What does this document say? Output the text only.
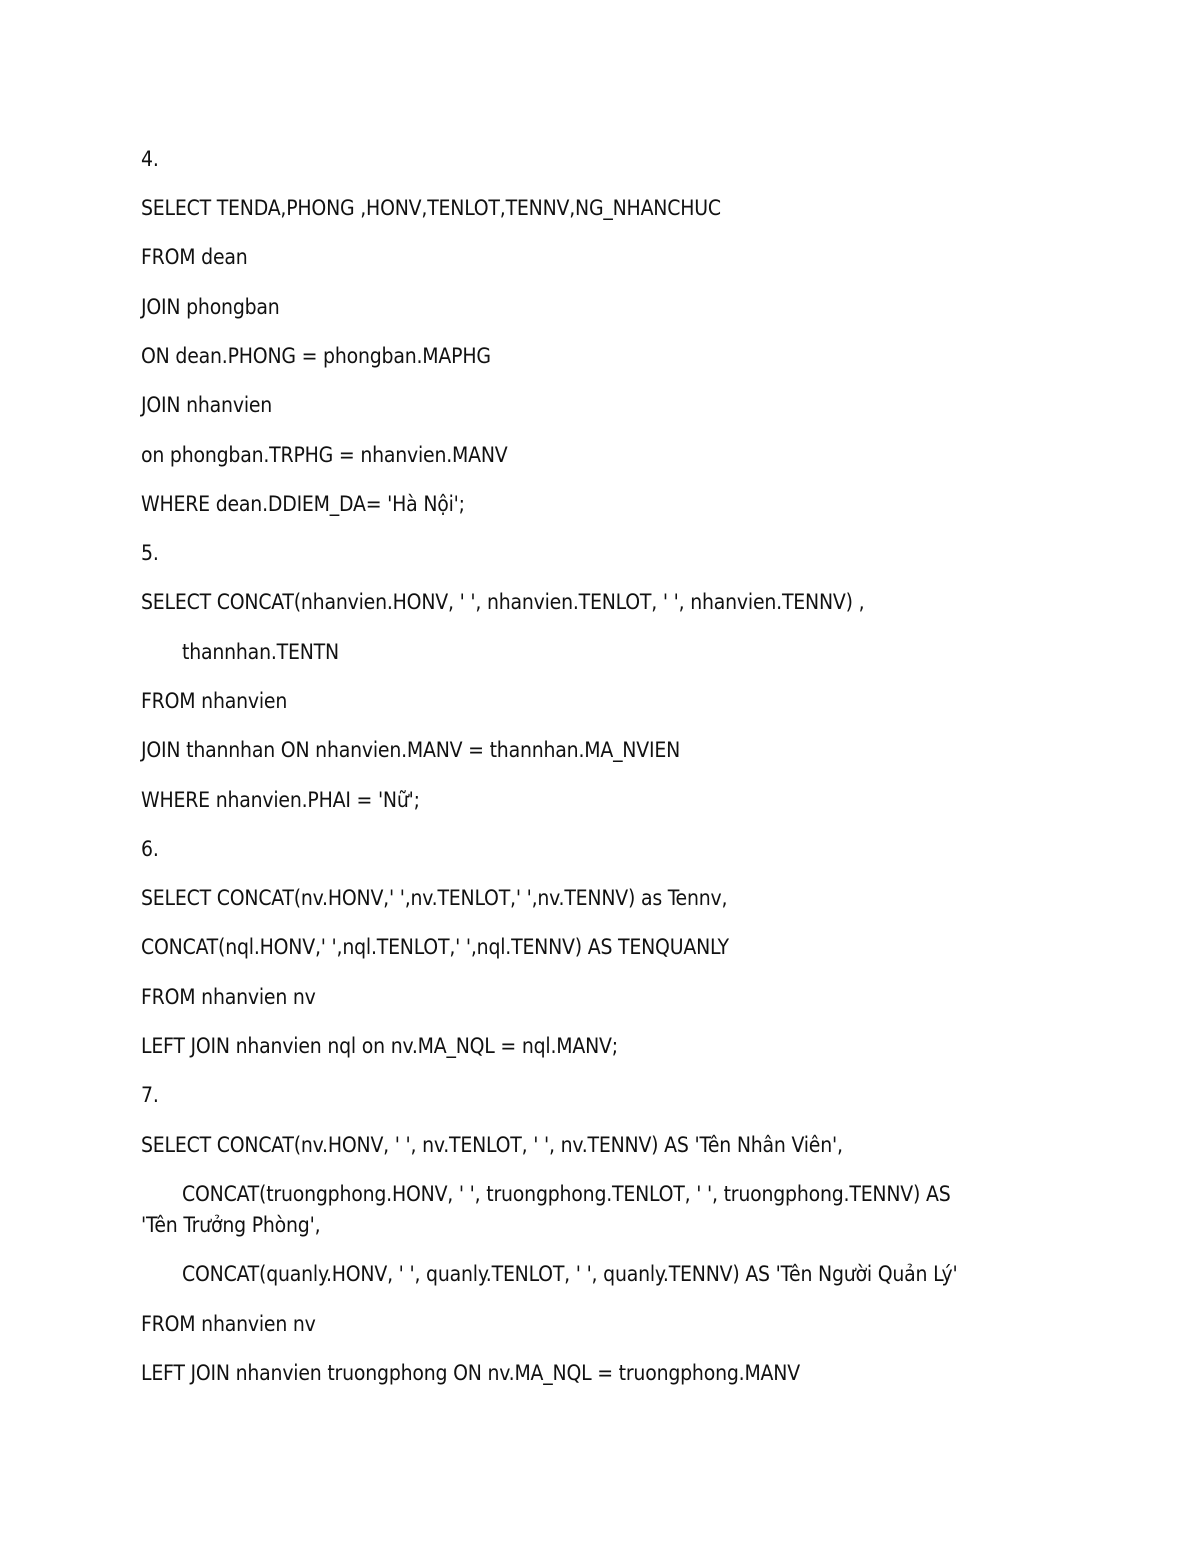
4.
SELECT TENDA,PHONG ,HONV,TENLOT,TENNV,NG_NHANCHUC
FROM dean
JOIN phongban
ON dean.PHONG = phongban.MAPHG
JOIN nhanvien
on phongban.TRPHG = nhanvien.MANV
WHERE dean.DDIEM_DA= 'Hà Nội';
5.
SELECT CONCAT(nhanvien.HONV, ' ', nhanvien.TENLOT, ' ', nhanvien.TENNV) ,
thannhan.TENTN
FROM nhanvien
JOIN thannhan ON nhanvien.MANV = thannhan.MA_NVIEN
WHERE nhanvien.PHAI = 'Nữ';
6.
SELECT CONCAT(nv.HONV,' ',nv.TENLOT,' ',nv.TENNV) as Tennv,
CONCAT(nql.HONV,' ',nql.TENLOT,' ',nql.TENNV) AS TENQUANLY
FROM nhanvien nv
LEFT JOIN nhanvien nql on nv.MA_NQL = nql.MANV;
7.
SELECT CONCAT(nv.HONV, ' ', nv.TENLOT, ' ', nv.TENNV) AS 'Tên Nhân Viên',
CONCAT(truongphong.HONV, ' ', truongphong.TENLOT, ' ', truongphong.TENNV) AS
'Tên Trưởng Phòng',
CONCAT(quanly.HONV, ' ', quanly.TENLOT, ' ', quanly.TENNV) AS 'Tên Người Quản Lý'
FROM nhanvien nv
LEFT JOIN nhanvien truongphong ON nv.MA_NQL = truongphong.MANV
